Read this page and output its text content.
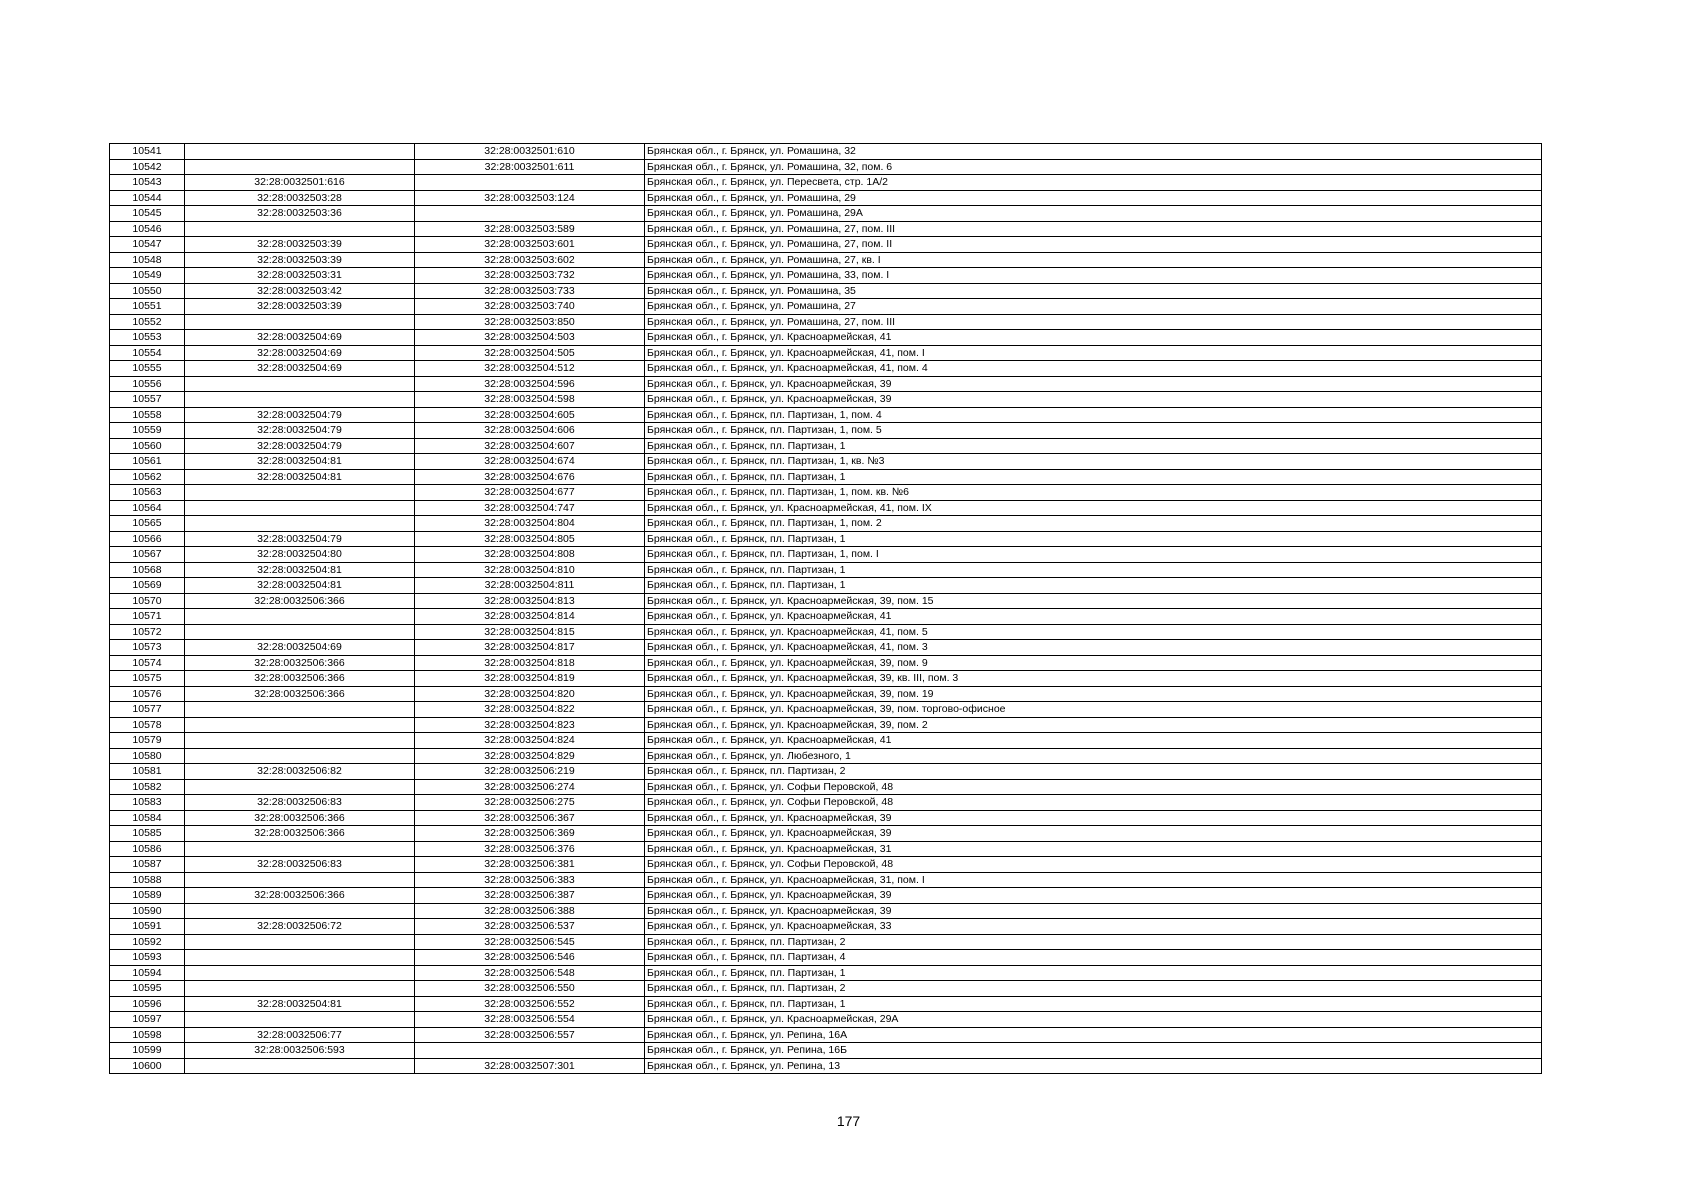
10541		32:28:0032501:610	Брянская обл., г. Брянск, ул. Ромашина, 32
10542		32:28:0032501:611	Брянская обл., г. Брянск, ул. Ромашина, 32, пом. 6
10543	32:28:0032501:616		Брянская обл., г. Брянск, ул. Пересвета, стр. 1А/2
10544	32:28:0032503:28	32:28:0032503:124	Брянская обл., г. Брянск, ул. Ромашина, 29
10545	32:28:0032503:36		Брянская обл., г. Брянск, ул. Ромашина, 29А
10546		32:28:0032503:589	Брянская обл., г. Брянск, ул. Ромашина, 27, пом. III
10547	32:28:0032503:39	32:28:0032503:601	Брянская обл., г. Брянск, ул. Ромашина, 27, пом. II
10548	32:28:0032503:39	32:28:0032503:602	Брянская обл., г. Брянск, ул. Ромашина, 27, кв. I
10549	32:28:0032503:31	32:28:0032503:732	Брянская обл., г. Брянск, ул. Ромашина, 33, пом. I
10550	32:28:0032503:42	32:28:0032503:733	Брянская обл., г. Брянск, ул. Ромашина, 35
10551	32:28:0032503:39	32:28:0032503:740	Брянская обл., г. Брянск, ул. Ромашина, 27
10552		32:28:0032503:850	Брянская обл., г. Брянск, ул. Ромашина, 27, пом. III
10553	32:28:0032504:69	32:28:0032504:503	Брянская обл., г. Брянск, ул. Красноармейская, 41
10554	32:28:0032504:69	32:28:0032504:505	Брянская обл., г. Брянск, ул. Красноармейская, 41, пом. I
10555	32:28:0032504:69	32:28:0032504:512	Брянская обл., г. Брянск, ул. Красноармейская, 41, пом. 4
10556		32:28:0032504:596	Брянская обл., г. Брянск, ул. Красноармейская, 39
10557		32:28:0032504:598	Брянская обл., г. Брянск, ул. Красноармейская, 39
10558	32:28:0032504:79	32:28:0032504:605	Брянская обл., г. Брянск, пл. Партизан, 1, пом. 4
10559	32:28:0032504:79	32:28:0032504:606	Брянская обл., г. Брянск, пл. Партизан, 1, пом. 5
10560	32:28:0032504:79	32:28:0032504:607	Брянская обл., г. Брянск, пл. Партизан, 1
10561	32:28:0032504:81	32:28:0032504:674	Брянская обл., г. Брянск, пл. Партизан, 1, кв. №3
10562	32:28:0032504:81	32:28:0032504:676	Брянская обл., г. Брянск, пл. Партизан, 1
10563		32:28:0032504:677	Брянская обл., г. Брянск, пл. Партизан, 1, пом. кв. №6
10564		32:28:0032504:747	Брянская обл., г. Брянск, ул. Красноармейская, 41, пом. IX
10565		32:28:0032504:804	Брянская обл., г. Брянск, пл. Партизан, 1, пом. 2
10566	32:28:0032504:79	32:28:0032504:805	Брянская обл., г. Брянск, пл. Партизан, 1
10567	32:28:0032504:80	32:28:0032504:808	Брянская обл., г. Брянск, пл. Партизан, 1, пом. I
10568	32:28:0032504:81	32:28:0032504:810	Брянская обл., г. Брянск, пл. Партизан, 1
10569	32:28:0032504:81	32:28:0032504:811	Брянская обл., г. Брянск, пл. Партизан, 1
10570	32:28:0032506:366	32:28:0032504:813	Брянская обл., г. Брянск, ул. Красноармейская, 39, пом. 15
10571		32:28:0032504:814	Брянская обл., г. Брянск, ул. Красноармейская, 41
10572		32:28:0032504:815	Брянская обл., г. Брянск, ул. Красноармейская, 41, пом. 5
10573	32:28:0032504:69	32:28:0032504:817	Брянская обл., г. Брянск, ул. Красноармейская, 41, пом. 3
10574	32:28:0032506:366	32:28:0032504:818	Брянская обл., г. Брянск, ул. Красноармейская, 39, пом. 9
10575	32:28:0032506:366	32:28:0032504:819	Брянская обл., г. Брянск, ул. Красноармейская, 39, кв. III, пом. 3
10576	32:28:0032506:366	32:28:0032504:820	Брянская обл., г. Брянск, ул. Красноармейская, 39, пом. 19
10577		32:28:0032504:822	Брянская обл., г. Брянск, ул. Красноармейская, 39, пом. торгово-офисное
10578		32:28:0032504:823	Брянская обл., г. Брянск, ул. Красноармейская, 39, пом. 2
10579		32:28:0032504:824	Брянская обл., г. Брянск, ул. Красноармейская, 41
10580		32:28:0032504:829	Брянская обл., г. Брянск, ул. Любезного, 1
10581	32:28:0032506:82	32:28:0032506:219	Брянская обл., г. Брянск, пл. Партизан, 2
10582		32:28:0032506:274	Брянская обл., г. Брянск, ул. Софьи Перовской, 48
10583	32:28:0032506:83	32:28:0032506:275	Брянская обл., г. Брянск, ул. Софьи Перовской, 48
10584	32:28:0032506:366	32:28:0032506:367	Брянская обл., г. Брянск, ул. Красноармейская, 39
10585	32:28:0032506:366	32:28:0032506:369	Брянская обл., г. Брянск, ул. Красноармейская, 39
10586		32:28:0032506:376	Брянская обл., г. Брянск, ул. Красноармейская, 31
10587	32:28:0032506:83	32:28:0032506:381	Брянская обл., г. Брянск, ул. Софьи Перовской, 48
10588		32:28:0032506:383	Брянская обл., г. Брянск, ул. Красноармейская, 31, пом. I
10589	32:28:0032506:366	32:28:0032506:387	Брянская обл., г. Брянск, ул. Красноармейская, 39
10590		32:28:0032506:388	Брянская обл., г. Брянск, ул. Красноармейская, 39
10591	32:28:0032506:72	32:28:0032506:537	Брянская обл., г. Брянск, ул. Красноармейская, 33
10592		32:28:0032506:545	Брянская обл., г. Брянск, пл. Партизан, 2
10593		32:28:0032506:546	Брянская обл., г. Брянск, пл. Партизан, 4
10594		32:28:0032506:548	Брянская обл., г. Брянск, пл. Партизан, 1
10595		32:28:0032506:550	Брянская обл., г. Брянск, пл. Партизан, 2
10596	32:28:0032504:81	32:28:0032506:552	Брянская обл., г. Брянск, пл. Партизан, 1
10597		32:28:0032506:554	Брянская обл., г. Брянск, ул. Красноармейская, 29А
10598	32:28:0032506:77	32:28:0032506:557	Брянская обл., г. Брянск, ул. Репина, 16А
10599	32:28:0032506:593		Брянская обл., г. Брянск, ул. Репина, 16Б
10600		32:28:0032507:301	Брянская обл., г. Брянск, ул. Репина, 13
177
